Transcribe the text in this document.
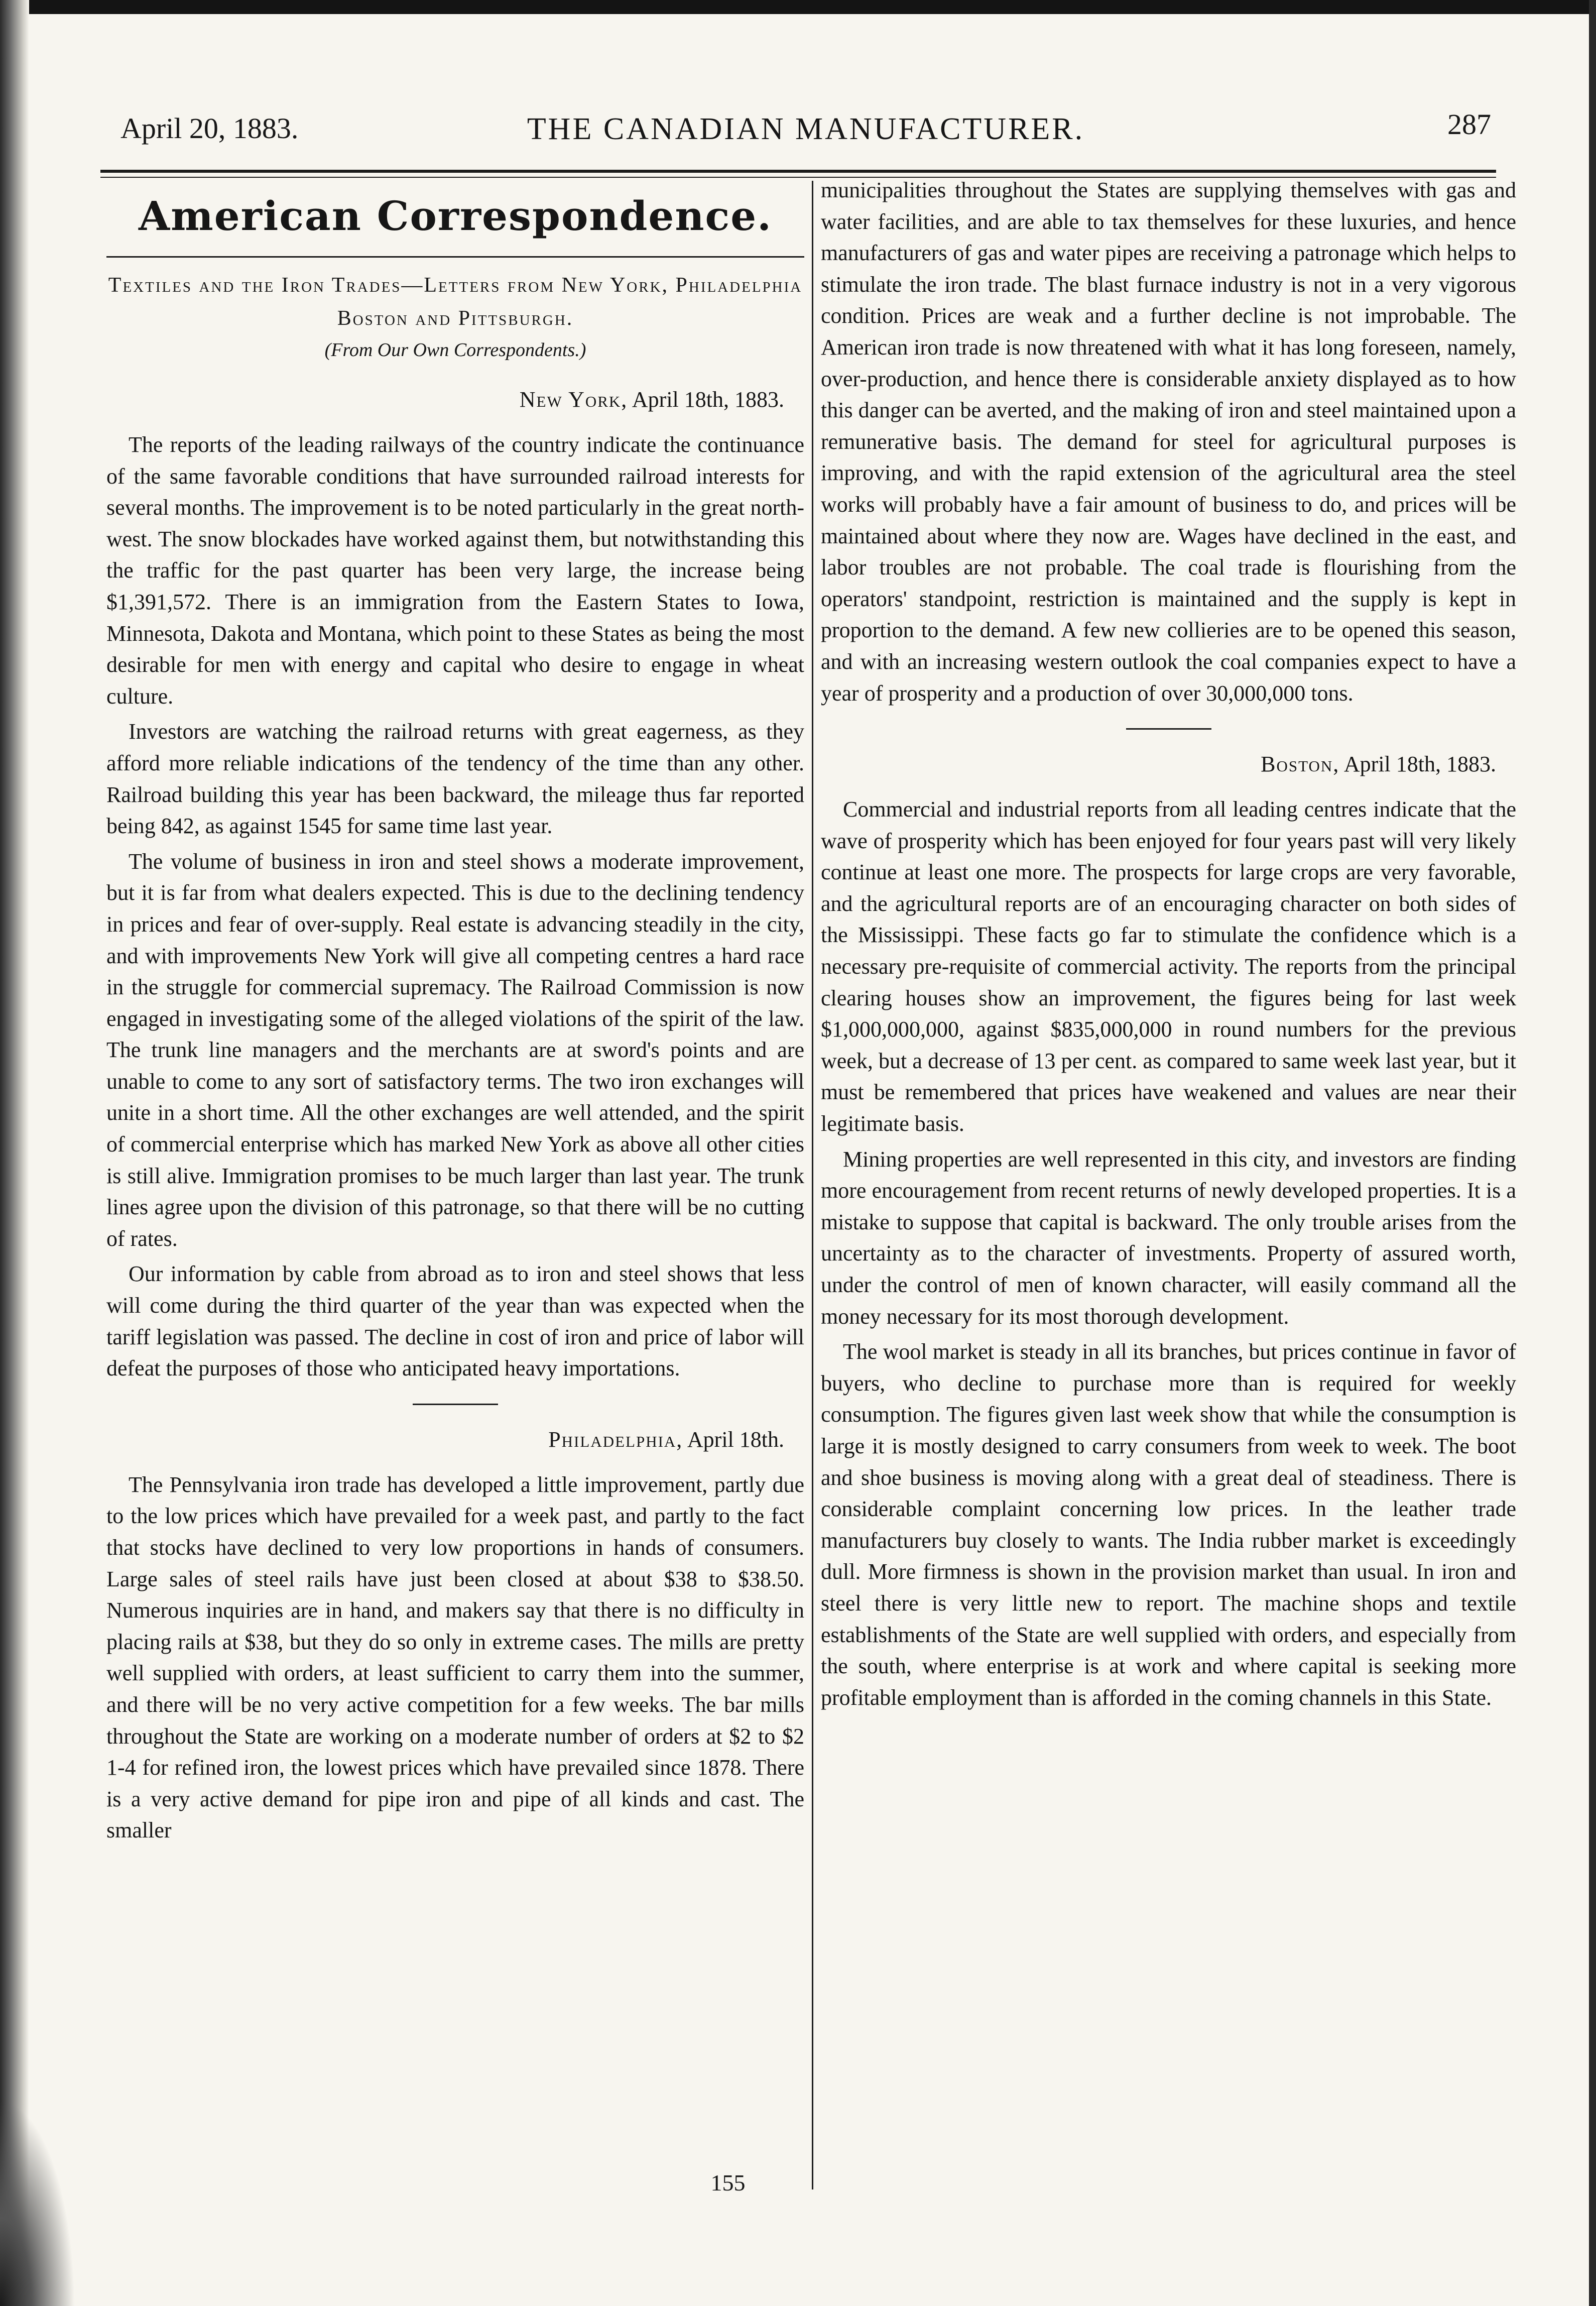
April 20, 1883.	THE CANADIAN MANUFACTURER.	287
American Correspondence.
Textiles and the Iron Trades—Letters from New York, Philadelphia Boston and Pittsburgh.
(From Our Own Correspondents.)
New York, April 18th, 1883.

The reports of the leading railways of the country indicate the continuance of the same favorable conditions that have surrounded railroad interests for several months. The improvement is to be noted particularly in the great north-west. The snow blockades have worked against them, but notwithstanding this the traffic for the past quarter has been very large, the increase being $1,391,572. There is an immigration from the Eastern States to Iowa, Minnesota, Dakota and Montana, which point to these States as being the most desirable for men with energy and capital who desire to engage in wheat culture.

Investors are watching the railroad returns with great eagerness, as they afford more reliable indications of the tendency of the time than any other. Railroad building this year has been backward, the mileage thus far reported being 842, as against 1545 for same time last year.

The volume of business in iron and steel shows a moderate improvement, but it is far from what dealers expected. This is due to the declining tendency in prices and fear of over-supply. Real estate is advancing steadily in the city, and with improvements New York will give all competing centres a hard race in the struggle for commercial supremacy. The Railroad Commission is now engaged in investigating some of the alleged violations of the spirit of the law. The trunk line managers and the merchants are at sword's points and are unable to come to any sort of satisfactory terms. The two iron exchanges will unite in a short time. All the other exchanges are well attended, and the spirit of commercial enterprise which has marked New York as above all other cities is still alive. Immigration promises to be much larger than last year. The trunk lines agree upon the division of this patronage, so that there will be no cutting of rates.

Our information by cable from abroad as to iron and steel shows that less will come during the third quarter of the year than was expected when the tariff legislation was passed. The decline in cost of iron and price of labor will defeat the purposes of those who anticipated heavy importations.

Philadelphia, April 18th.

The Pennsylvania iron trade has developed a little improvement, partly due to the low prices which have prevailed for a week past, and partly to the fact that stocks have declined to very low proportions in hands of consumers. Large sales of steel rails have just been closed at about $38 to $38.50. Numerous inquiries are in hand, and makers say that there is no difficulty in placing rails at $38, but they do so only in extreme cases. The mills are pretty well supplied with orders, at least sufficient to carry them into the summer, and there will be no very active competition for a few weeks. The bar mills throughout the State are working on a moderate number of orders at $2 to $2 1-4 for refined iron, the lowest prices which have prevailed since 1878. There is a very active demand for pipe iron and pipe of all kinds and cast. The smaller

municipalities throughout the States are supplying themselves with gas and water facilities, and are able to tax themselves for these luxuries, and hence manufacturers of gas and water pipes are receiving a patronage which helps to stimulate the iron trade. The blast furnace industry is not in a very vigorous condition. Prices are weak and a further decline is not improbable. The American iron trade is now threatened with what it has long foreseen, namely, over-production, and hence there is considerable anxiety displayed as to how this danger can be averted, and the making of iron and steel maintained upon a remunerative basis. The demand for steel for agricultural purposes is improving, and with the rapid extension of the agricultural area the steel works will probably have a fair amount of business to do, and prices will be maintained about where they now are. Wages have declined in the east, and labor troubles are not probable. The coal trade is flourishing from the operators' standpoint, restriction is maintained and the supply is kept in proportion to the demand. A few new collieries are to be opened this season, and with an increasing western outlook the coal companies expect to have a year of prosperity and a production of over 30,000,000 tons.

Boston, April 18th, 1883.

Commercial and industrial reports from all leading centres indicate that the wave of prosperity which has been enjoyed for four years past will very likely continue at least one more. The prospects for large crops are very favorable, and the agricultural reports are of an encouraging character on both sides of the Mississippi. These facts go far to stimulate the confidence which is a necessary pre-requisite of commercial activity. The reports from the principal clearing houses show an improvement, the figures being for last week $1,000,000,000, against $835,000,000 in round numbers for the previous week, but a decrease of 13 per cent. as compared to same week last year, but it must be remembered that prices have weakened and values are near their legitimate basis.

Mining properties are well represented in this city, and investors are finding more encouragement from recent returns of newly developed properties. It is a mistake to suppose that capital is backward. The only trouble arises from the uncertainty as to the character of investments. Property of assured worth, under the control of men of known character, will easily command all the money necessary for its most thorough development.

The wool market is steady in all its branches, but prices continue in favor of buyers, who decline to purchase more than is required for weekly consumption. The figures given last week show that while the consumption is large it is mostly designed to carry consumers from week to week. The boot and shoe business is moving along with a great deal of steadiness. There is considerable complaint concerning low prices. In the leather trade manufacturers buy closely to wants. The India rubber market is exceedingly dull. More firmness is shown in the provision market than usual. In iron and steel there is very little new to report. The machine shops and textile establishments of the State are well supplied with orders, and especially from the south, where enterprise is at work and where capital is seeking more profitable employment than is afforded in the coming channels in this State.

155
